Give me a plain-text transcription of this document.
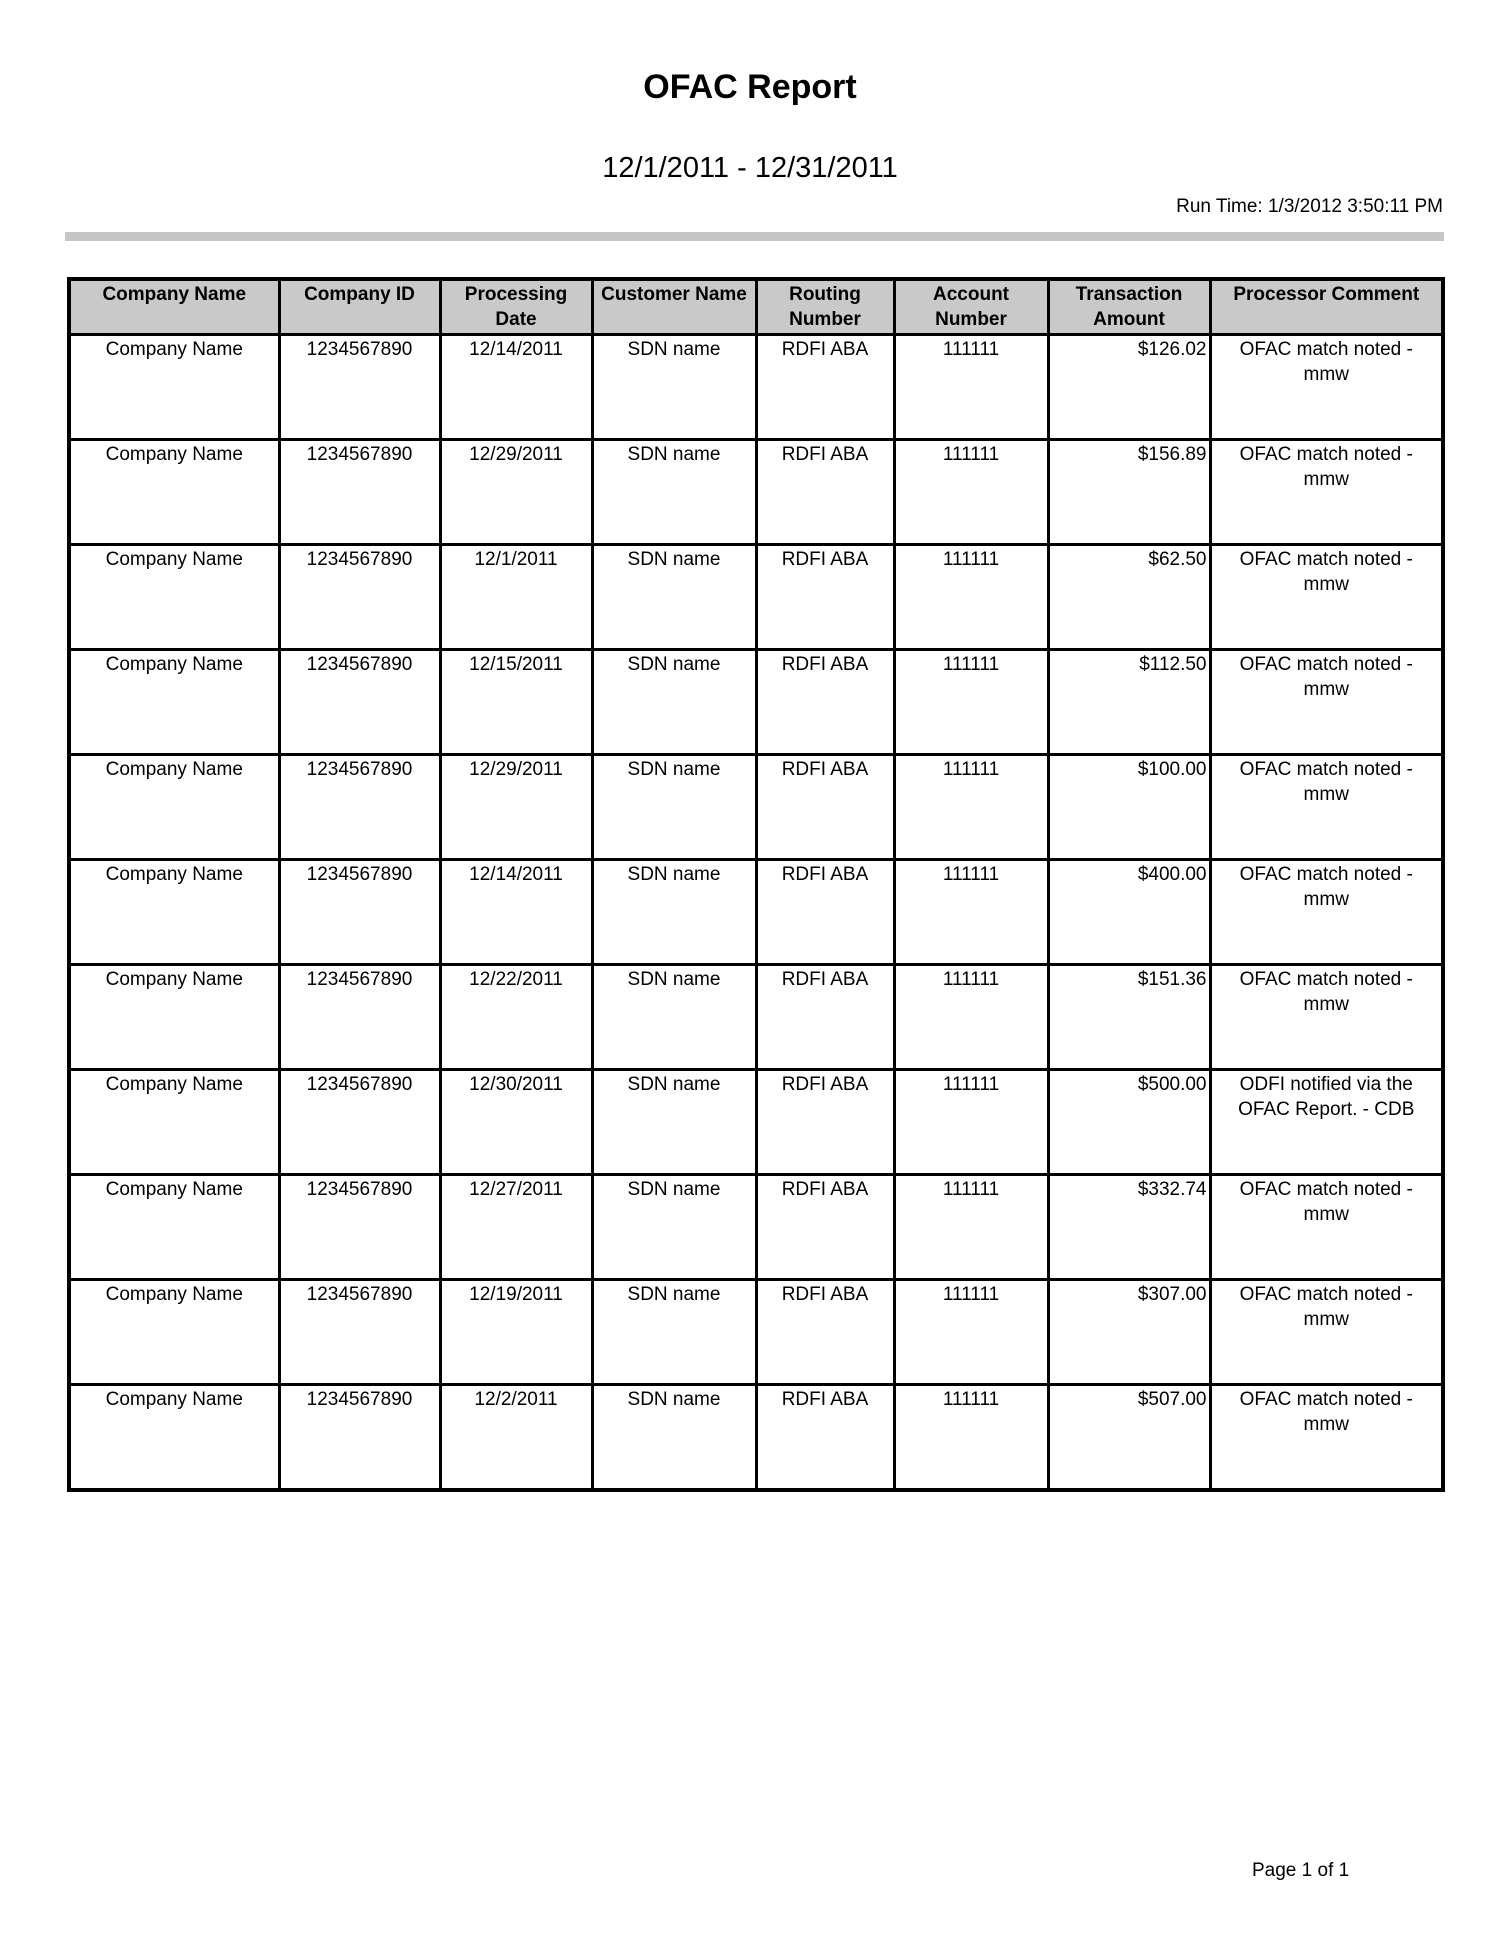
OFAC Report
12/1/2011 - 12/31/2011
Run Time: 1/3/2012 3:50:11 PM
Company Name	Company ID	Processing Date	Customer Name	Routing Number	Account Number	Transaction Amount	Processor Comment
Company Name	1234567890	12/14/2011	SDN name	RDFI ABA	111111	$126.02	OFAC match noted - mmw
Company Name	1234567890	12/29/2011	SDN name	RDFI ABA	111111	$156.89	OFAC match noted - mmw
Company Name	1234567890	12/1/2011	SDN name	RDFI ABA	111111	$62.50	OFAC match noted - mmw
Company Name	1234567890	12/15/2011	SDN name	RDFI ABA	111111	$112.50	OFAC match noted - mmw
Company Name	1234567890	12/29/2011	SDN name	RDFI ABA	111111	$100.00	OFAC match noted - mmw
Company Name	1234567890	12/14/2011	SDN name	RDFI ABA	111111	$400.00	OFAC match noted - mmw
Company Name	1234567890	12/22/2011	SDN name	RDFI ABA	111111	$151.36	OFAC match noted - mmw
Company Name	1234567890	12/30/2011	SDN name	RDFI ABA	111111	$500.00	ODFI notified via the OFAC Report. - CDB
Company Name	1234567890	12/27/2011	SDN name	RDFI ABA	111111	$332.74	OFAC match noted - mmw
Company Name	1234567890	12/19/2011	SDN name	RDFI ABA	111111	$307.00	OFAC match noted - mmw
Company Name	1234567890	12/2/2011	SDN name	RDFI ABA	111111	$507.00	OFAC match noted - mmw
Page 1 of 1
